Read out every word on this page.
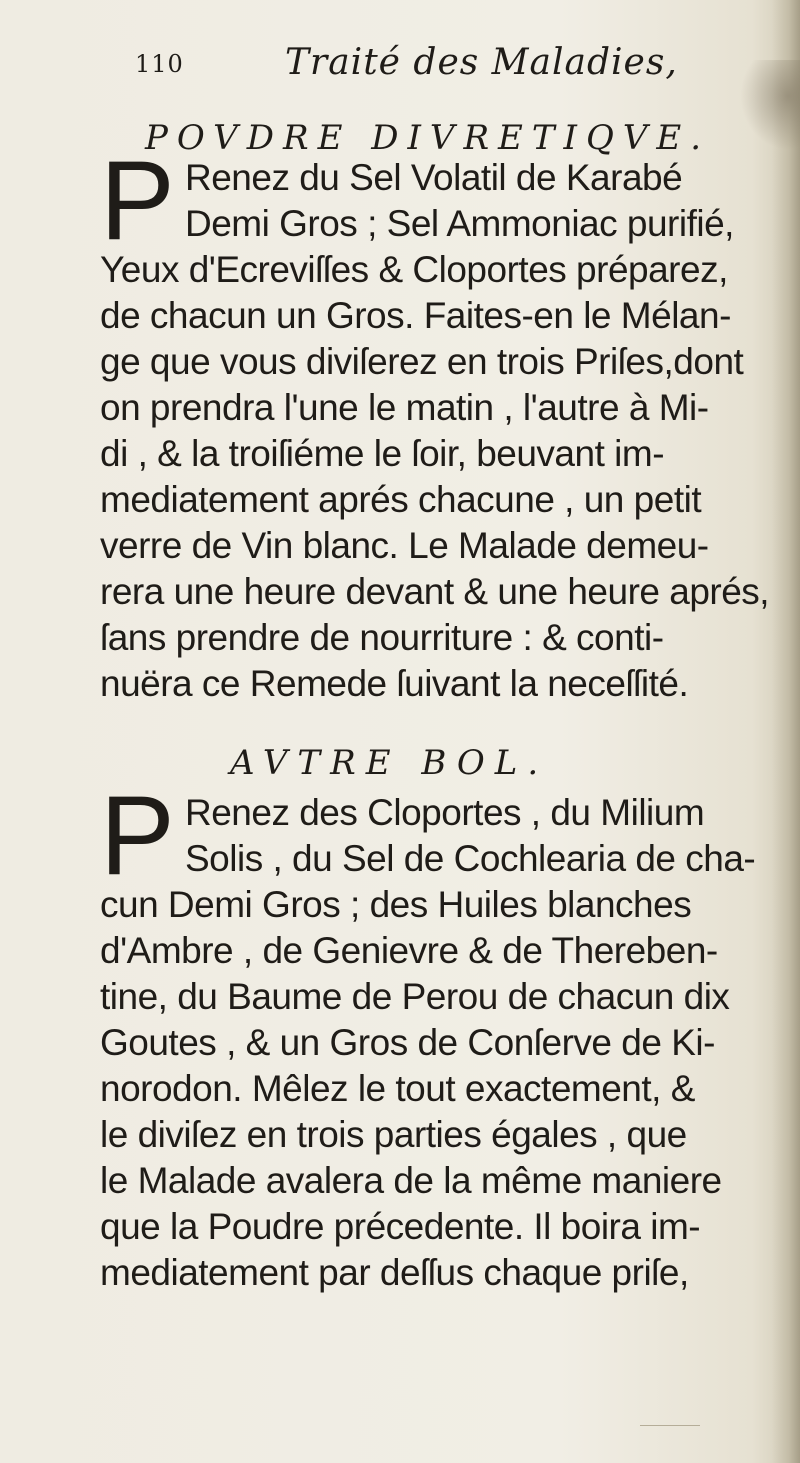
110	Traité des Maladies,
POVDRE DIVRETIQVE.
P Renez du Sel Volatil de Karabé
Demi Gros ; Sel Ammoniac purifié,
Yeux d'Ecreviſſes & Cloportes préparez,
de chacun un Gros. Faites-en le Mélan-
ge que vous diviſerez en trois Priſes,dont
on prendra l'une le matin , l'autre à Mi-
di , & la troiſiéme le ſoir, beuvant im-
mediatement aprés chacune , un petit
verre de Vin blanc. Le Malade demeu-
rera une heure devant & une heure aprés,
ſans prendre de nourriture : & conti-
nuëra ce Remede ſuivant la neceſſité.
AVTRE BOL.
P Renez des Cloportes , du Milium
Solis , du Sel de Cochlearia de cha-
cun Demi Gros ; des Huiles blanches
d'Ambre , de Genievre & de Thereben-
tine, du Baume de Perou de chacun dix
Goutes , & un Gros de Conſerve de Ki-
norodon. Mêlez le tout exactement, &
le diviſez en trois parties égales , que
le Malade avalera de la même maniere
que la Poudre précedente. Il boira im-
mediatement par deſſus chaque priſe,
